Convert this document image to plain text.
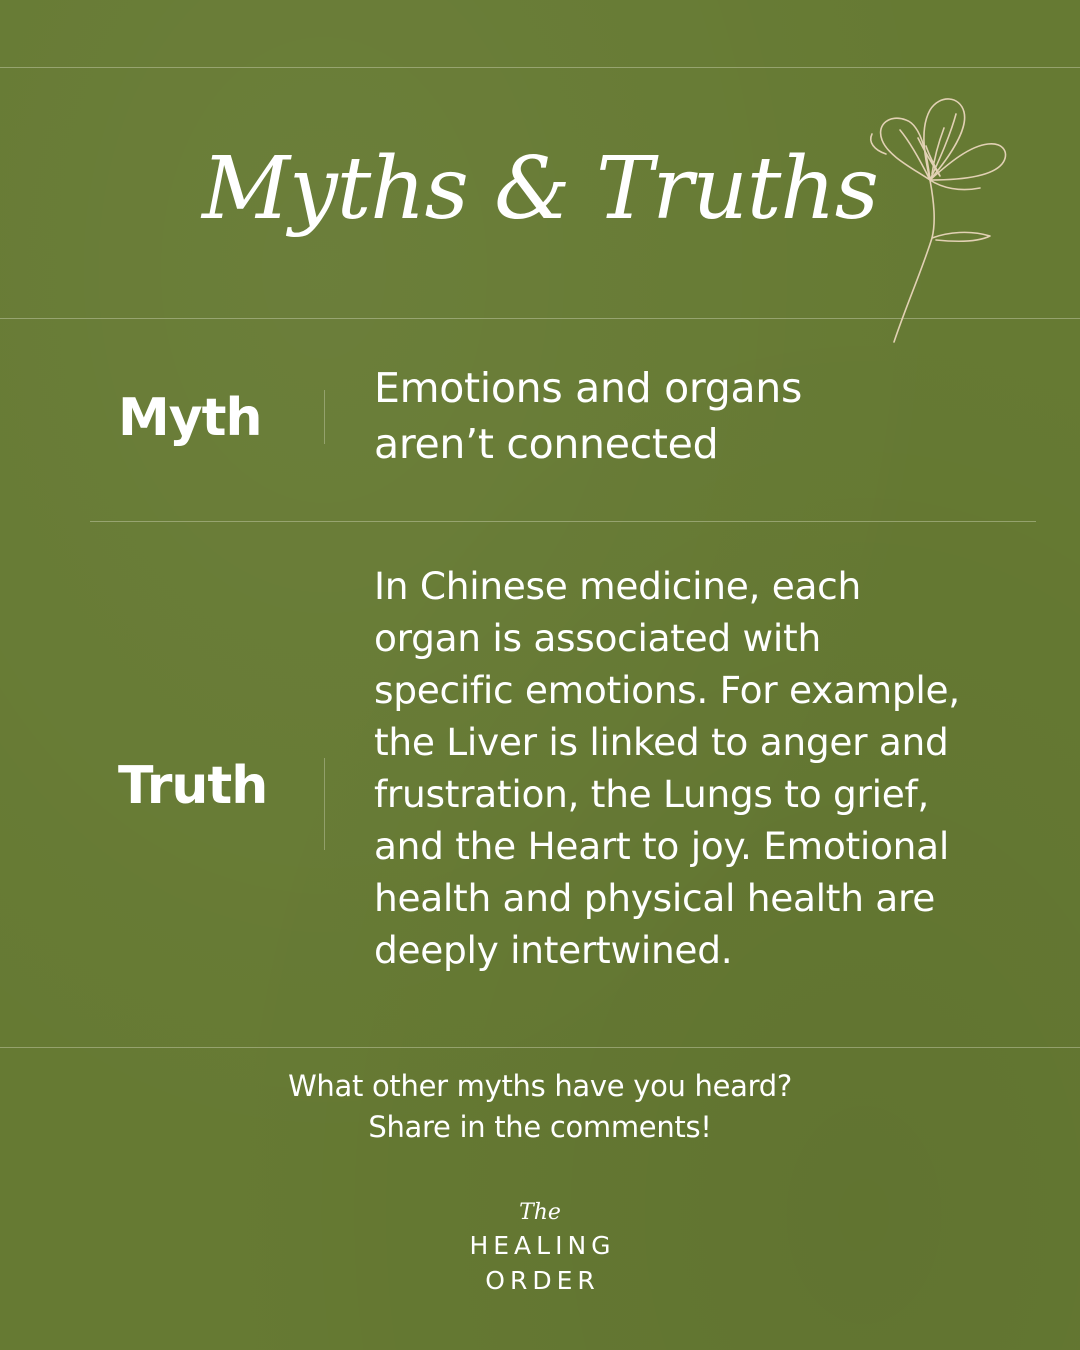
Myths & Truths
Myth	Emotions and organs
aren’t connected
Truth
In Chinese medicine, each
organ is associated with
specific emotions. For example,
the Liver is linked to anger and
frustration, the Lungs to grief,
and the Heart to joy. Emotional
health and physical health are
deeply intertwined.
What other myths have you heard?
Share in the comments!
The
HEALING
ORDER
